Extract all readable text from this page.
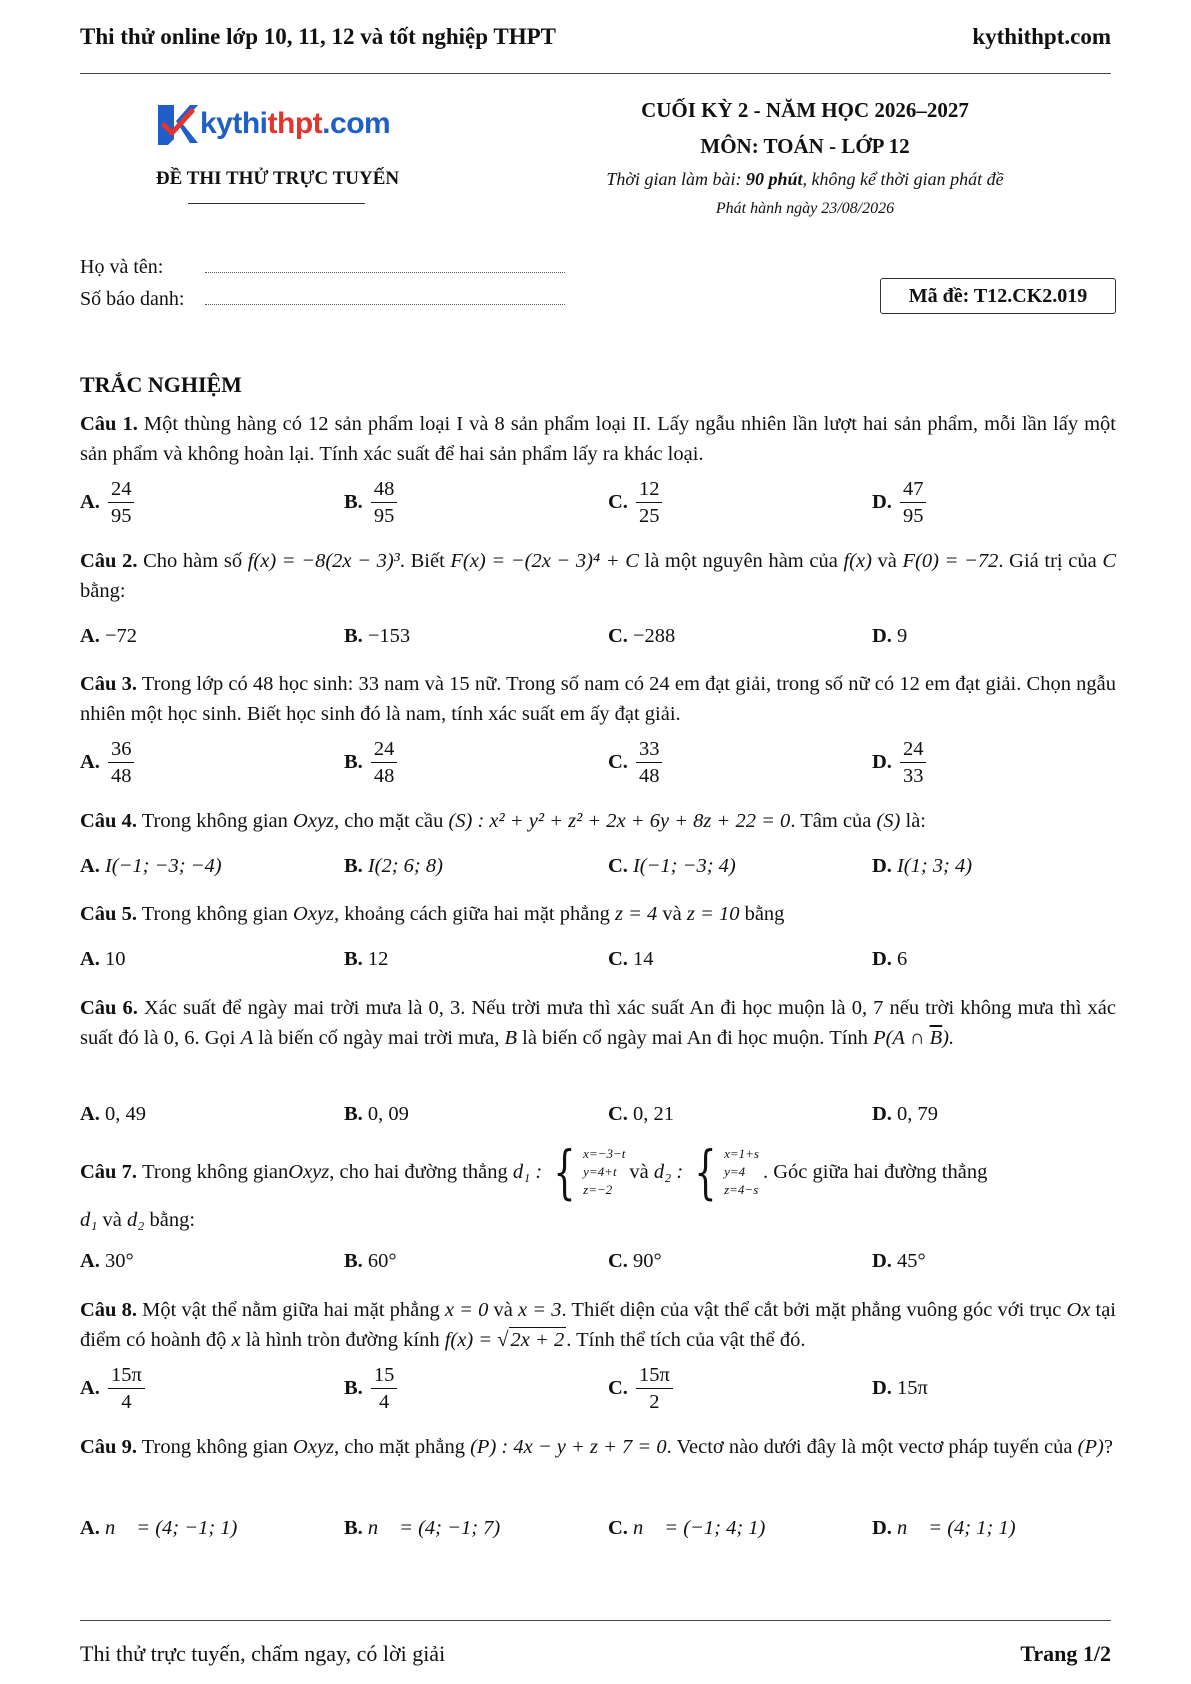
Thi thử online lớp 10, 11, 12 và tốt nghiệp THPT	kythithpt.com
kythithpt.com
ĐỀ THI THỬ TRỰC TUYẾN
CUỐI KỲ 2 - NĂM HỌC 2026–2027
MÔN: TOÁN - LỚP 12
Thời gian làm bài: 90 phút, không kể thời gian phát đề
Phát hành ngày 23/08/2026
Họ và tên:
Số báo danh:	Mã đề: T12.CK2.019
TRẮC NGHIỆM
Câu 1. Một thùng hàng có 12 sản phẩm loại I và 8 sản phẩm loại II. Lấy ngẫu nhiên lần lượt hai sản phẩm, mỗi lần lấy một sản phẩm và không hoàn lại. Tính xác suất để hai sản phẩm lấy ra khác loại.
A. $\frac{24}{95}$	B. $\frac{48}{95}$	C. $\frac{12}{25}$	D. $\frac{47}{95}$
Câu 2. Cho hàm số f(x) = −8(2x − 3)³. Biết F(x) = −(2x − 3)⁴ + C là một nguyên hàm của f(x) và F(0) = −72. Giá trị của C bằng:
A. −72	B. −153	C. −288	D. 9
Câu 3. Trong lớp có 48 học sinh: 33 nam và 15 nữ. Trong số nam có 24 em đạt giải, trong số nữ có 12 em đạt giải. Chọn ngẫu nhiên một học sinh. Biết học sinh đó là nam, tính xác suất em ấy đạt giải.
A. $\frac{36}{48}$	B. $\frac{24}{48}$	C. $\frac{33}{48}$	D. $\frac{24}{33}$
Câu 4. Trong không gian Oxyz, cho mặt cầu (S) : x² + y² + z² + 2x + 6y + 8z + 22 = 0. Tâm của (S) là:
A. I(−1; −3; −4)	B. I(2; 6; 8)	C. I(−1; −3; 4)	D. I(1; 3; 4)
Câu 5. Trong không gian Oxyz, khoảng cách giữa hai mặt phẳng z = 4 và z = 10 bằng
A. 10	B. 12	C. 14	D. 6
Câu 6. Xác suất để ngày mai trời mưa là 0, 3. Nếu trời mưa thì xác suất An đi học muộn là 0, 7 nếu trời không mưa thì xác suất đó là 0, 6. Gọi A là biến cố ngày mai trời mưa, B là biến cố ngày mai An đi học muộn. Tính P(A ∩ $\overline{B}$).
A. 0, 49	B. 0, 09	C. 0, 21	D. 0, 79
Câu 7.
Trong không gian Oxyz , cho hai đường thẳng
d₁ : { x=−3−t
y=4+t
z=−2
và
d₂ : { x=1+s
y=4
z=4−s
. Góc giữa hai đường thẳng
d₁ và d₂ bằng:
A. 30°	B. 60°	C. 90°	D. 45°
Câu 8. Một vật thể nằm giữa hai mặt phẳng x = 0 và x = 3. Thiết diện của vật thể cắt bởi mặt phẳng vuông góc với trục Ox tại điểm có hoành độ x là hình tròn đường kính f(x) = √2x + 2. Tính thể tích của vật thể đó.
A. $\frac{15\pi}{4}$	B. $\frac{15}{4}$	C. $\frac{15\pi}{2}$	D. 15π
Câu 9. Trong không gian Oxyz, cho mặt phẳng (P) : 4x − y + z + 7 = 0. Vectơ nào dưới đây là một vectơ pháp tuyến của (P)?
A. n⃗ = (4; −1; 1)	B. n⃗ = (4; −1; 7)	C. n⃗ = (−1; 4; 1)	D. n⃗ = (4; 1; 1)
Thi thử trực tuyến, chấm ngay, có lời giải	Trang 1/2
